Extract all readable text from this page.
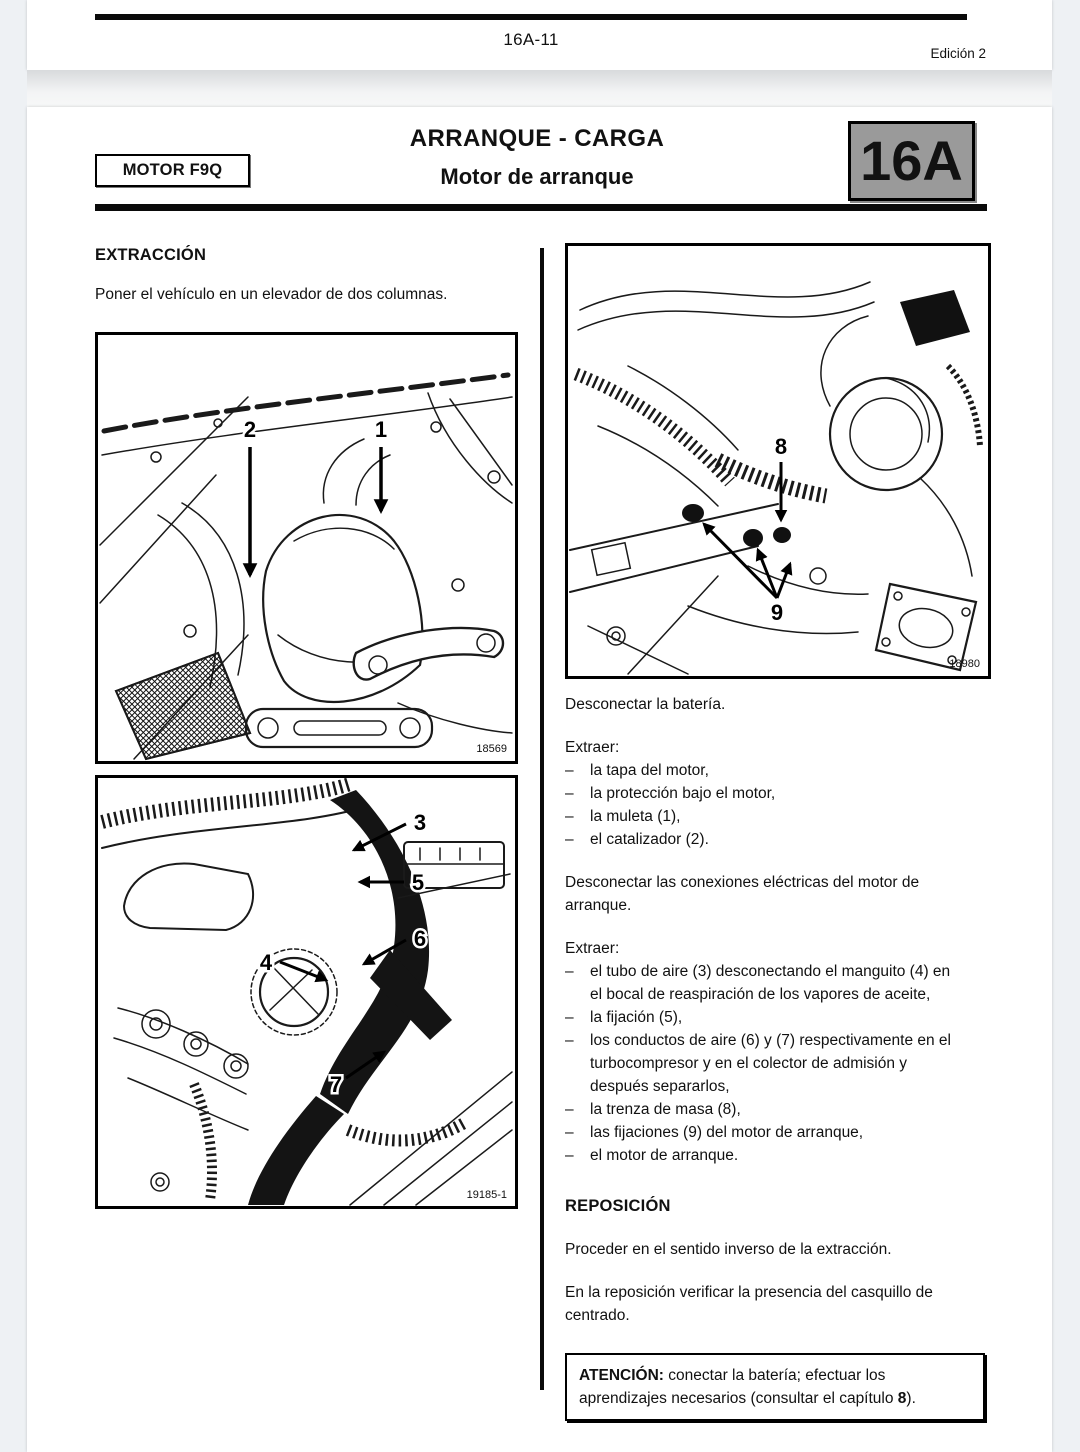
16A-11
Edición 2
MOTOR F9Q
ARRANQUE - CARGA
Motor de arranque	16A
EXTRACCIÓN
Poner el vehículo en un elevador de dos columnas.
2	1
18569
3
5
6
4
7
19185-1
8
9
18980

Desconectar la batería.

Extraer:

–	la tapa del motor,
–	la protección bajo el motor,
–	la muleta (1),
–	el catalizador (2).

Desconectar las conexiones eléctricas del motor de arranque.

Extraer:

–	el tubo de aire (3) desconectando el manguito (4) en el bocal de reaspiración de los vapores de aceite,
–	la fijación (5),
–	los conductos de aire (6) y (7) respectivamente en el turbocompresor y en el colector de admisión y después separarlos,
–	la trenza de masa (8),
–	las fijaciones (9) del motor de arranque,
–	el motor de arranque.

REPOSICIÓN

Proceder en el sentido inverso de la extracción.

En la reposición verificar la presencia del casquillo de centrado.

ATENCIÓN: conectar la batería; efectuar los aprendizajes necesarios (consultar el capítulo 8).
